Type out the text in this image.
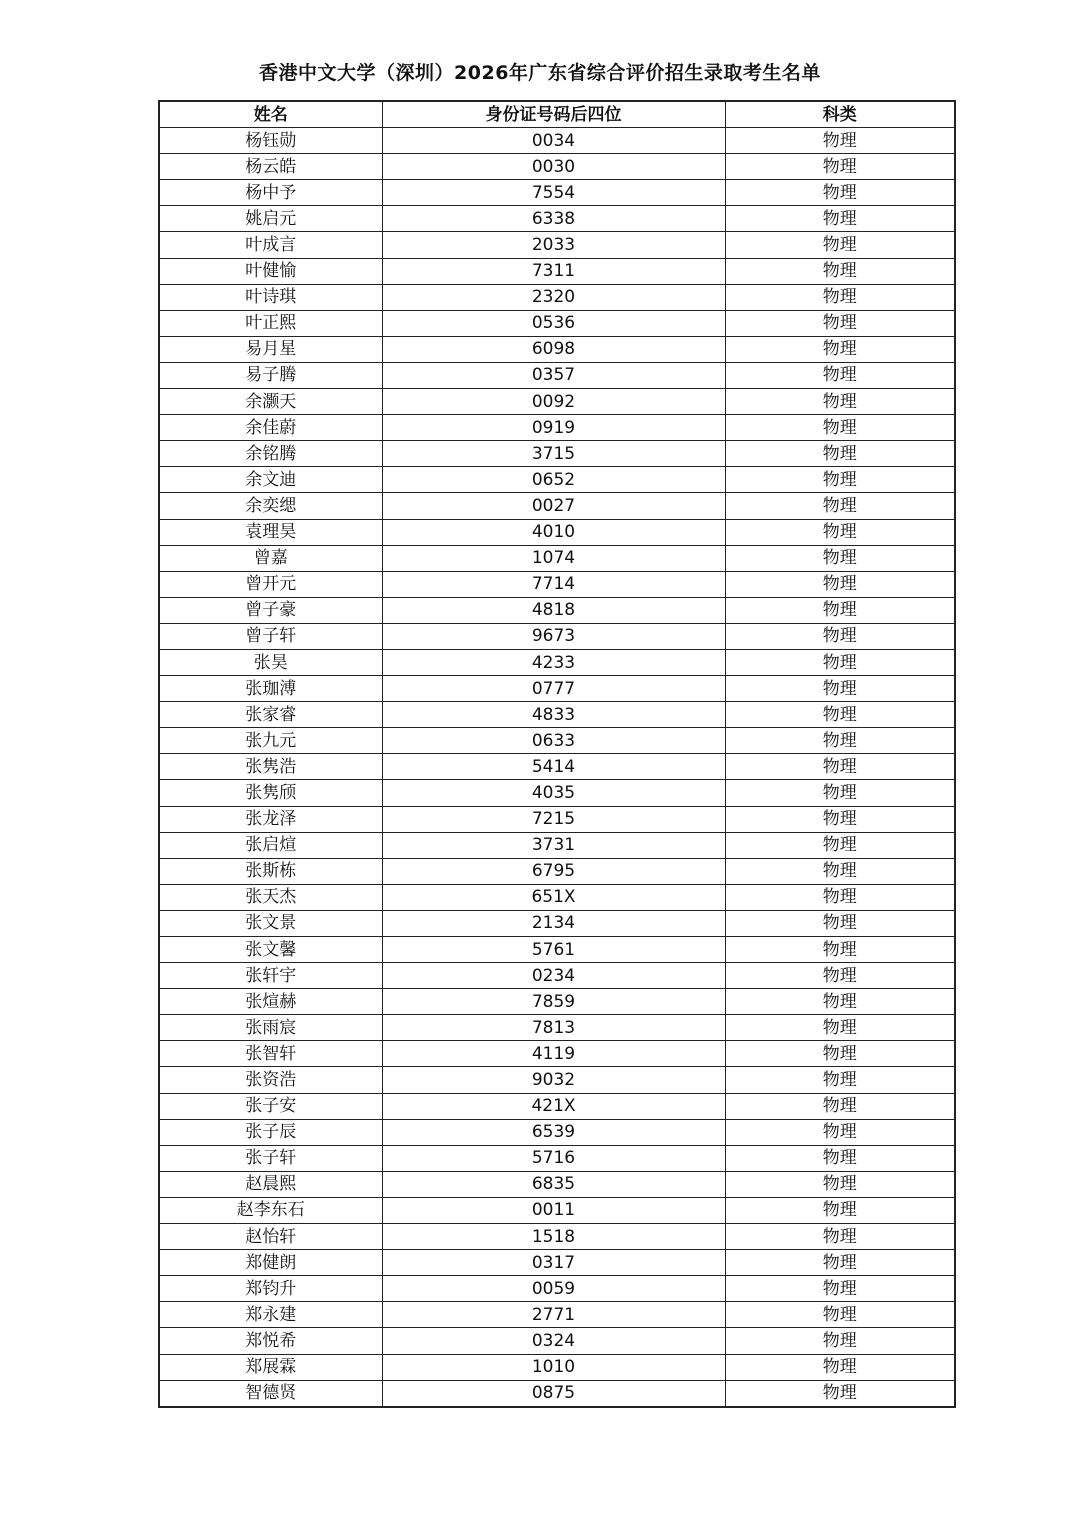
香港中文大学（深圳）2026年广东省综合评价招生录取考生名单
姓名	身份证号码后四位	科类
杨钰勋	0034	物理
杨云皓	0030	物理
杨中予	7554	物理
姚启元	6338	物理
叶成言	2033	物理
叶健愉	7311	物理
叶诗琪	2320	物理
叶正熙	0536	物理
易月星	6098	物理
易子腾	0357	物理
余灏天	0092	物理
余佳蔚	0919	物理
余铭腾	3715	物理
余文迪	0652	物理
余奕缌	0027	物理
袁理昊	4010	物理
曾嘉	1074	物理
曾开元	7714	物理
曾子豪	4818	物理
曾子轩	9673	物理
张昊	4233	物理
张珈溥	0777	物理
张家睿	4833	物理
张九元	0633	物理
张隽浩	5414	物理
张隽颀	4035	物理
张龙泽	7215	物理
张启煊	3731	物理
张斯栋	6795	物理
张天杰	651X	物理
张文景	2134	物理
张文馨	5761	物理
张轩宇	0234	物理
张煊赫	7859	物理
张雨宸	7813	物理
张智轩	4119	物理
张资浩	9032	物理
张子安	421X	物理
张子辰	6539	物理
张子轩	5716	物理
赵晨熙	6835	物理
赵李东石	0011	物理
赵怡轩	1518	物理
郑健朗	0317	物理
郑钧升	0059	物理
郑永建	2771	物理
郑悦希	0324	物理
郑展霖	1010	物理
智德贤	0875	物理
